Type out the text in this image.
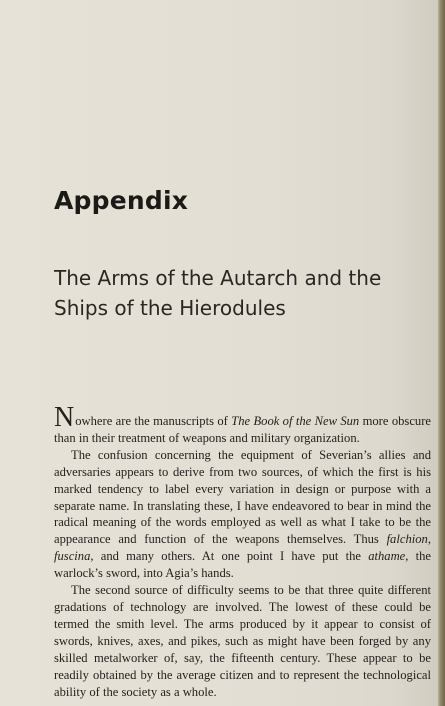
Appendix
The Arms of the Autarch and the Ships of the Hierodules

Nowhere are the manuscripts of The Book of the New Sun more obscure than in their treatment of weapons and military organization.

The confusion concerning the equipment of Severian’s allies and adversaries appears to derive from two sources, of which the first is his marked tendency to label every variation in design or purpose with a separate name. In translating these, I have endeavored to bear in mind the radical meaning of the words employed as well as what I take to be the appearance and function of the weapons themselves. Thus falchion, fuscina, and many others. At one point I have put the athame, the warlock’s sword, into Agia’s hands.

The second source of difficulty seems to be that three quite different gradations of technology are involved. The lowest of these could be termed the smith level. The arms produced by it appear to consist of swords, knives, axes, and pikes, such as might have been forged by any skilled metalworker of, say, the fifteenth century. These appear to be readily obtained by the average citizen and to represent the technological ability of the society as a whole.
